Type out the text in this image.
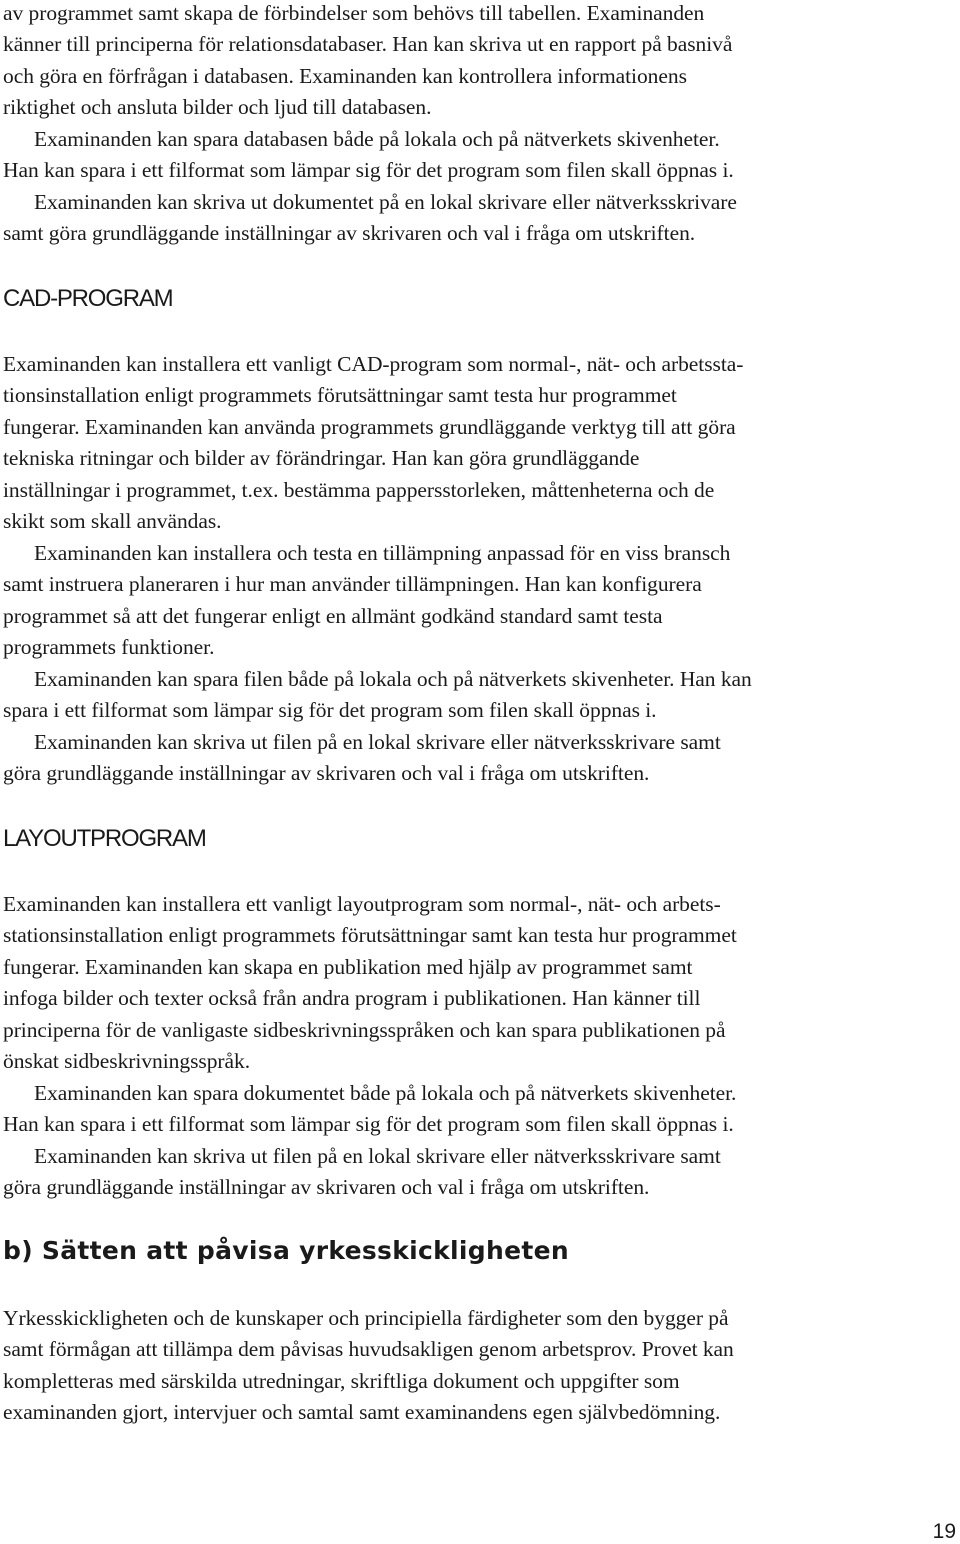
av programmet samt skapa de förbindelser som behövs till tabellen. Examinanden
känner till principerna för relationsdatabaser. Han kan skriva ut en rapport på basnivå
och göra en förfrågan i databasen. Examinanden kan kontrollera informationens
riktighet och ansluta bilder och ljud till databasen.
Examinanden kan spara databasen både på lokala och på nätverkets skivenheter.
Han kan spara i ett filformat som lämpar sig för det program som filen skall öppnas i.
Examinanden kan skriva ut dokumentet på en lokal skrivare eller nätverksskrivare
samt göra grundläggande inställningar av skrivaren och val i fråga om utskriften.
CAD-PROGRAM
Examinanden kan installera ett vanligt CAD-program som normal-, nät- och arbetssta-
tionsinstallation enligt programmets förutsättningar samt testa hur programmet
fungerar. Examinanden kan använda programmets grundläggande verktyg till att göra
tekniska ritningar och bilder av förändringar. Han kan göra grundläggande
inställningar i programmet, t.ex. bestämma pappersstorleken, måttenheterna och de
skikt som skall användas.
Examinanden kan installera och testa en tillämpning anpassad för en viss bransch
samt instruera planeraren i hur man använder tillämpningen. Han kan konfigurera
programmet så att det fungerar enligt en allmänt godkänd standard samt testa
programmets funktioner.
Examinanden kan spara filen både på lokala och på nätverkets skivenheter. Han kan
spara i ett filformat som lämpar sig för det program som filen skall öppnas i.
Examinanden kan skriva ut filen på en lokal skrivare eller nätverksskrivare samt
göra grundläggande inställningar av skrivaren och val i fråga om utskriften.
LAYOUTPROGRAM
Examinanden kan installera ett vanligt layoutprogram som normal-, nät- och arbets-
stationsinstallation enligt programmets förutsättningar samt kan testa hur programmet
fungerar. Examinanden kan skapa en publikation med hjälp av programmet samt
infoga bilder och texter också från andra program i publikationen. Han känner till
principerna för de vanligaste sidbeskrivningsspråken och kan spara publikationen på
önskat sidbeskrivningsspråk.
Examinanden kan spara dokumentet både på lokala och på nätverkets skivenheter.
Han kan spara i ett filformat som lämpar sig för det program som filen skall öppnas i.
Examinanden kan skriva ut filen på en lokal skrivare eller nätverksskrivare samt
göra grundläggande inställningar av skrivaren och val i fråga om utskriften.
b) Sätten att påvisa yrkesskickligheten
Yrkesskickligheten och de kunskaper och principiella färdigheter som den bygger på
samt förmågan att tillämpa dem påvisas huvudsakligen genom arbetsprov. Provet kan
kompletteras med särskilda utredningar, skriftliga dokument och uppgifter som
examinanden gjort, intervjuer och samtal samt examinandens egen självbedömning.
19
